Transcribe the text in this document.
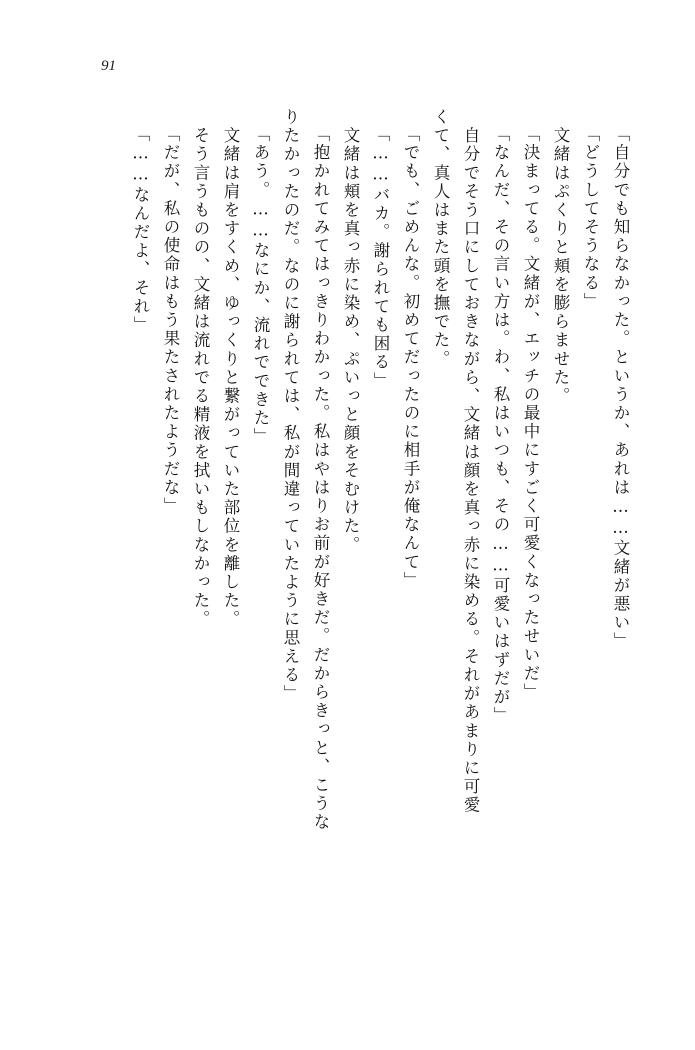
91
「自分でも知らなかった。というか、あれは……文緒が悪い」
「どうしてそうなる」
　文緒はぷくりと頬を膨らませた。
「決まってる。文緒が、エッチの最中にすごく可愛くなったせいだ」
「なんだ、その言い方は。わ、私はいつも、その……可愛いはずだが」
　自分でそう口にしておきながら、文緒は顔を真っ赤に染める。それがあまりに可愛
くて、真人はまた頭を撫でた。
「でも、ごめんな。初めてだったのに相手が俺なんて」
「……バカ。謝られても困る」
　文緒は頬を真っ赤に染め、ぷいっと顔をそむけた。
「抱かれてみてはっきりわかった。私はやはりお前が好きだ。だからきっと、こうな
りたかったのだ。なのに謝られては、私が間違っていたように思える」
「あう。……なにか、流れでできた」
　文緒は肩をすくめ、ゆっくりと繋がっていた部位を離した。
　そう言うものの、文緒は流れでる精液を拭いもしなかった。
「だが、私の使命はもう果たされたようだな」
「……なんだよ、それ」
